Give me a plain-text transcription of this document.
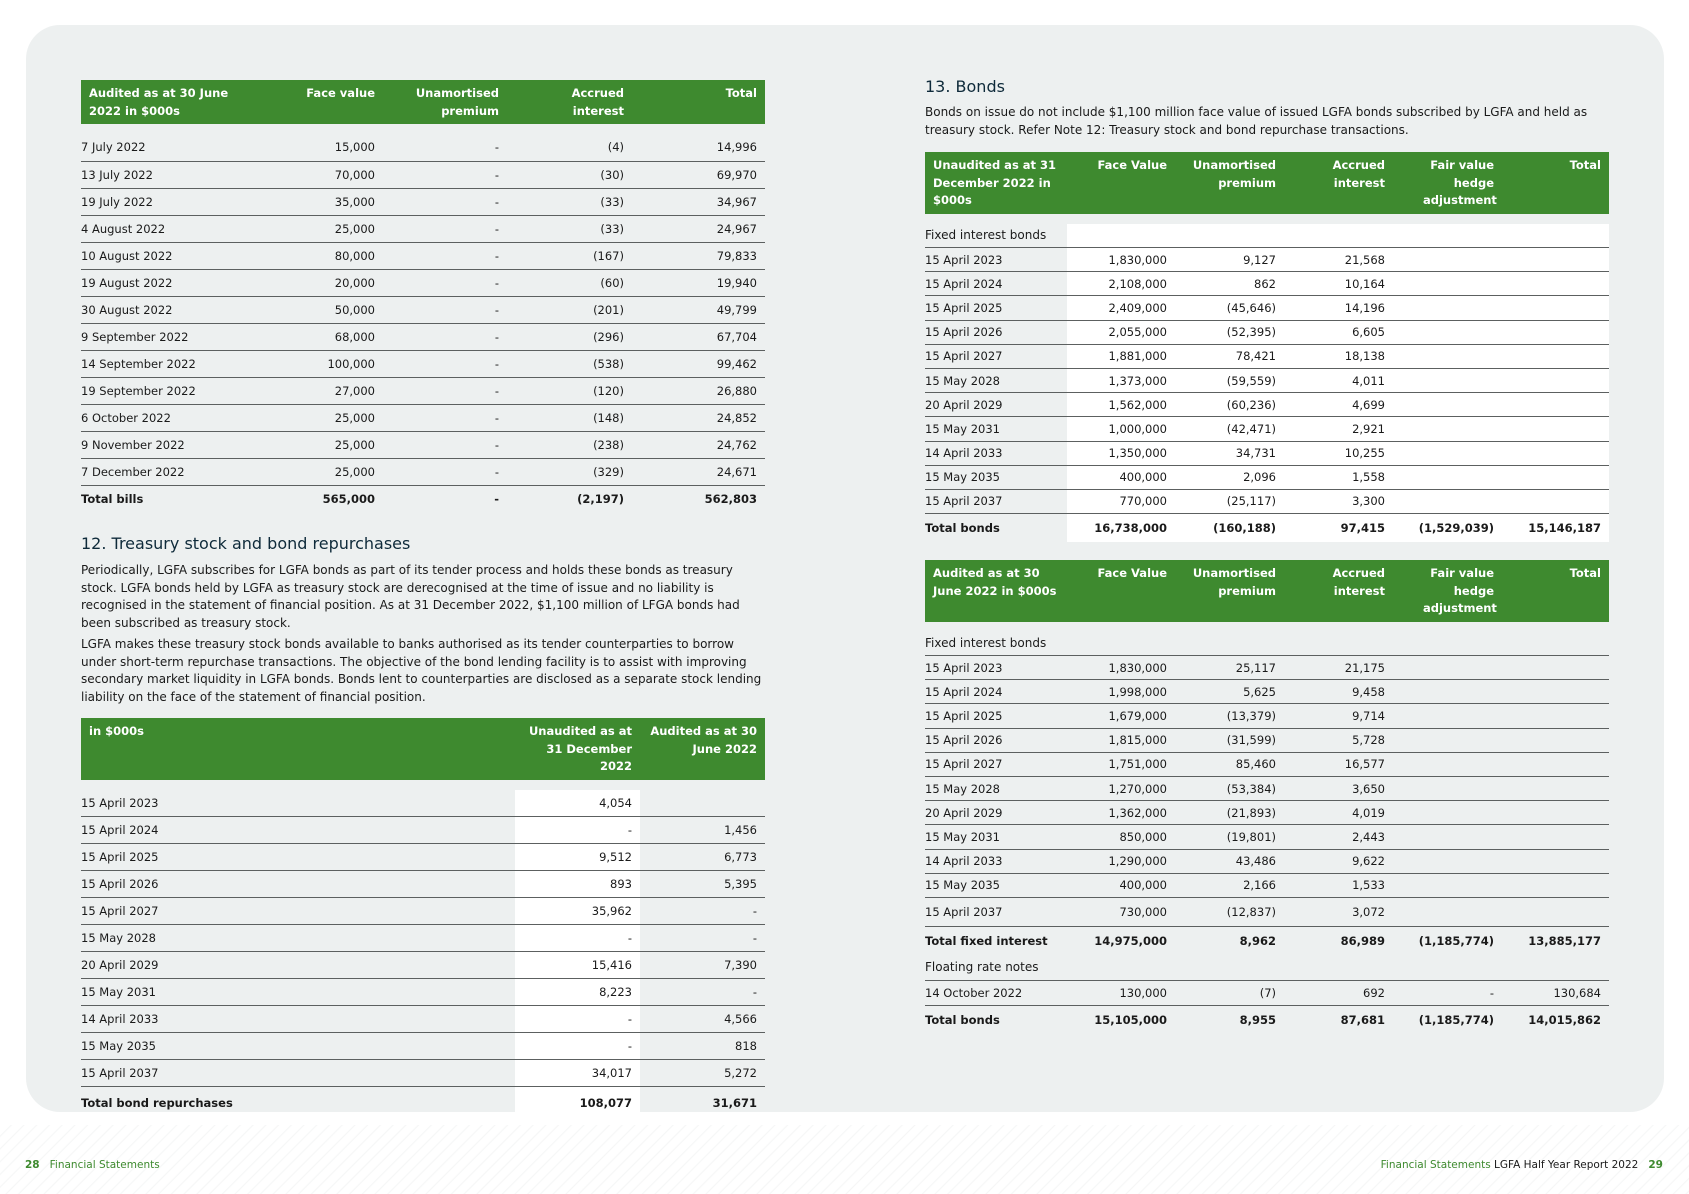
Audited as at 30 June 2022 in $000s	Face value	Unamortised premium	Accrued interest	Total

7 July 2022	15,000	-	(4)	14,996
13 July 2022	70,000	-	(30)	69,970
19 July 2022	35,000	-	(33)	34,967
4 August 2022	25,000	-	(33)	24,967
10 August 2022	80,000	-	(167)	79,833
19 August 2022	20,000	-	(60)	19,940
30 August 2022	50,000	-	(201)	49,799
9 September 2022	68,000	-	(296)	67,704
14 September 2022	100,000	-	(538)	99,462
19 September 2022	27,000	-	(120)	26,880
6 October 2022	25,000	-	(148)	24,852
9 November 2022	25,000	-	(238)	24,762
7 December 2022	25,000	-	(329)	24,671
Total bills	565,000	-	(2,197)	562,803
12. Treasury stock and bond repurchases

Periodically, LGFA subscribes for LGFA bonds as part of its tender process and holds these bonds as treasury stock. LGFA bonds held by LGFA as treasury stock are derecognised at the time of issue and no liability is recognised in the statement of financial position. As at 31 December 2022, $1,100 million of LFGA bonds had been subscribed as treasury stock.

LGFA makes these treasury stock bonds available to banks authorised as its tender counterparties to borrow under short-term repurchase transactions. The objective of the bond lending facility is to assist with improving secondary market liquidity in LGFA bonds. Bonds lent to counterparties are disclosed as a separate stock lending liability on the face of the statement of financial position.

in $000s	Unaudited as at 31 December 2022	Audited as at 30 June 2022

15 April 2023	4,054	
15 April 2024	-	1,456
15 April 2025	9,512	6,773
15 April 2026	893	5,395
15 April 2027	35,962	-
15 May 2028	-	-
20 April 2029	15,416	7,390
15 May 2031	8,223	-
14 April 2033	-	4,566
15 May 2035	-	818
15 April 2037	34,017	5,272
Total bond repurchases	108,077	31,671
13. Bonds

Bonds on issue do not include $1,100 million face value of issued LGFA bonds subscribed by LGFA and held as treasury stock. Refer Note 12: Treasury stock and bond repurchase transactions.

Unaudited as at 31 December 2022 in $000s	Face Value	Unamortised premium	Accrued interest	Fair value hedge adjustment	Total

Fixed interest bonds					
15 April 2023	1,830,000	9,127	21,568		
15 April 2024	2,108,000	862	10,164		
15 April 2025	2,409,000	(45,646)	14,196		
15 April 2026	2,055,000	(52,395)	6,605		
15 April 2027	1,881,000	78,421	18,138		
15 May 2028	1,373,000	(59,559)	4,011		
20 April 2029	1,562,000	(60,236)	4,699		
15 May 2031	1,000,000	(42,471)	2,921		
14 April 2033	1,350,000	34,731	10,255		
15 May 2035	400,000	2,096	1,558		
15 April 2037	770,000	(25,117)	3,300		
Total bonds	16,738,000	(160,188)	97,415	(1,529,039)	15,146,187
Audited as at 30 June 2022 in $000s	Face Value	Unamortised premium	Accrued interest	Fair value hedge adjustment	Total

Fixed interest bonds					
15 April 2023	1,830,000	25,117	21,175		
15 April 2024	1,998,000	5,625	9,458		
15 April 2025	1,679,000	(13,379)	9,714		
15 April 2026	1,815,000	(31,599)	5,728		
15 April 2027	1,751,000	85,460	16,577		
15 May 2028	1,270,000	(53,384)	3,650		
20 April 2029	1,362,000	(21,893)	4,019		
15 May 2031	850,000	(19,801)	2,443		
14 April 2033	1,290,000	43,486	9,622		
15 May 2035	400,000	2,166	1,533		
15 April 2037	730,000	(12,837)	3,072		
Total fixed interest	14,975,000	8,962	86,989	(1,185,774)	13,885,177
Floating rate notes					
14 October 2022	130,000	(7)	692	-	130,684
Total bonds	15,105,000	8,955	87,681	(1,185,774)	14,015,862
28 Financial Statements	Financial Statements LGFA Half Year Report 2022 29
